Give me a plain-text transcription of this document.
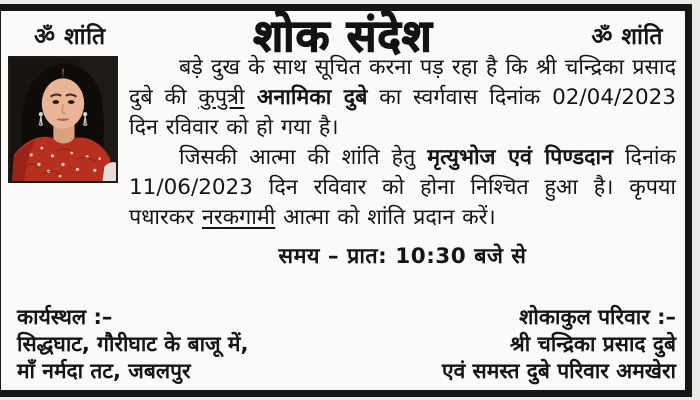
ॐ शांति	शोक संदेश	ॐ शांति

बड़े दुख के साथ सूचित करना पड़ रहा है कि श्री चन्द्रिका प्रसाद दुबे की कुपुत्री अनामिका दुबे का स्वर्गवास दिनांक 02/04/2023 दिन रविवार को हो गया है।

जिसकी आत्मा की शांति हेतु मृत्युभोज एवं पिण्डदान दिनांक 11/06/2023 दिन रविवार को होना निश्चित हुआ है। कृपया पधारकर नरकगामी आत्मा को शांति प्रदान करें।

समय – प्रात: 10:30 बजे से

कार्यस्थल :–
सिद्धघाट, गौरीघाट के बाजू में,
माँ नर्मदा तट, जबलपुर
शोकाकुल परिवार :–
श्री चन्द्रिका प्रसाद दुबे
एवं समस्त दुबे परिवार अमखेरा
